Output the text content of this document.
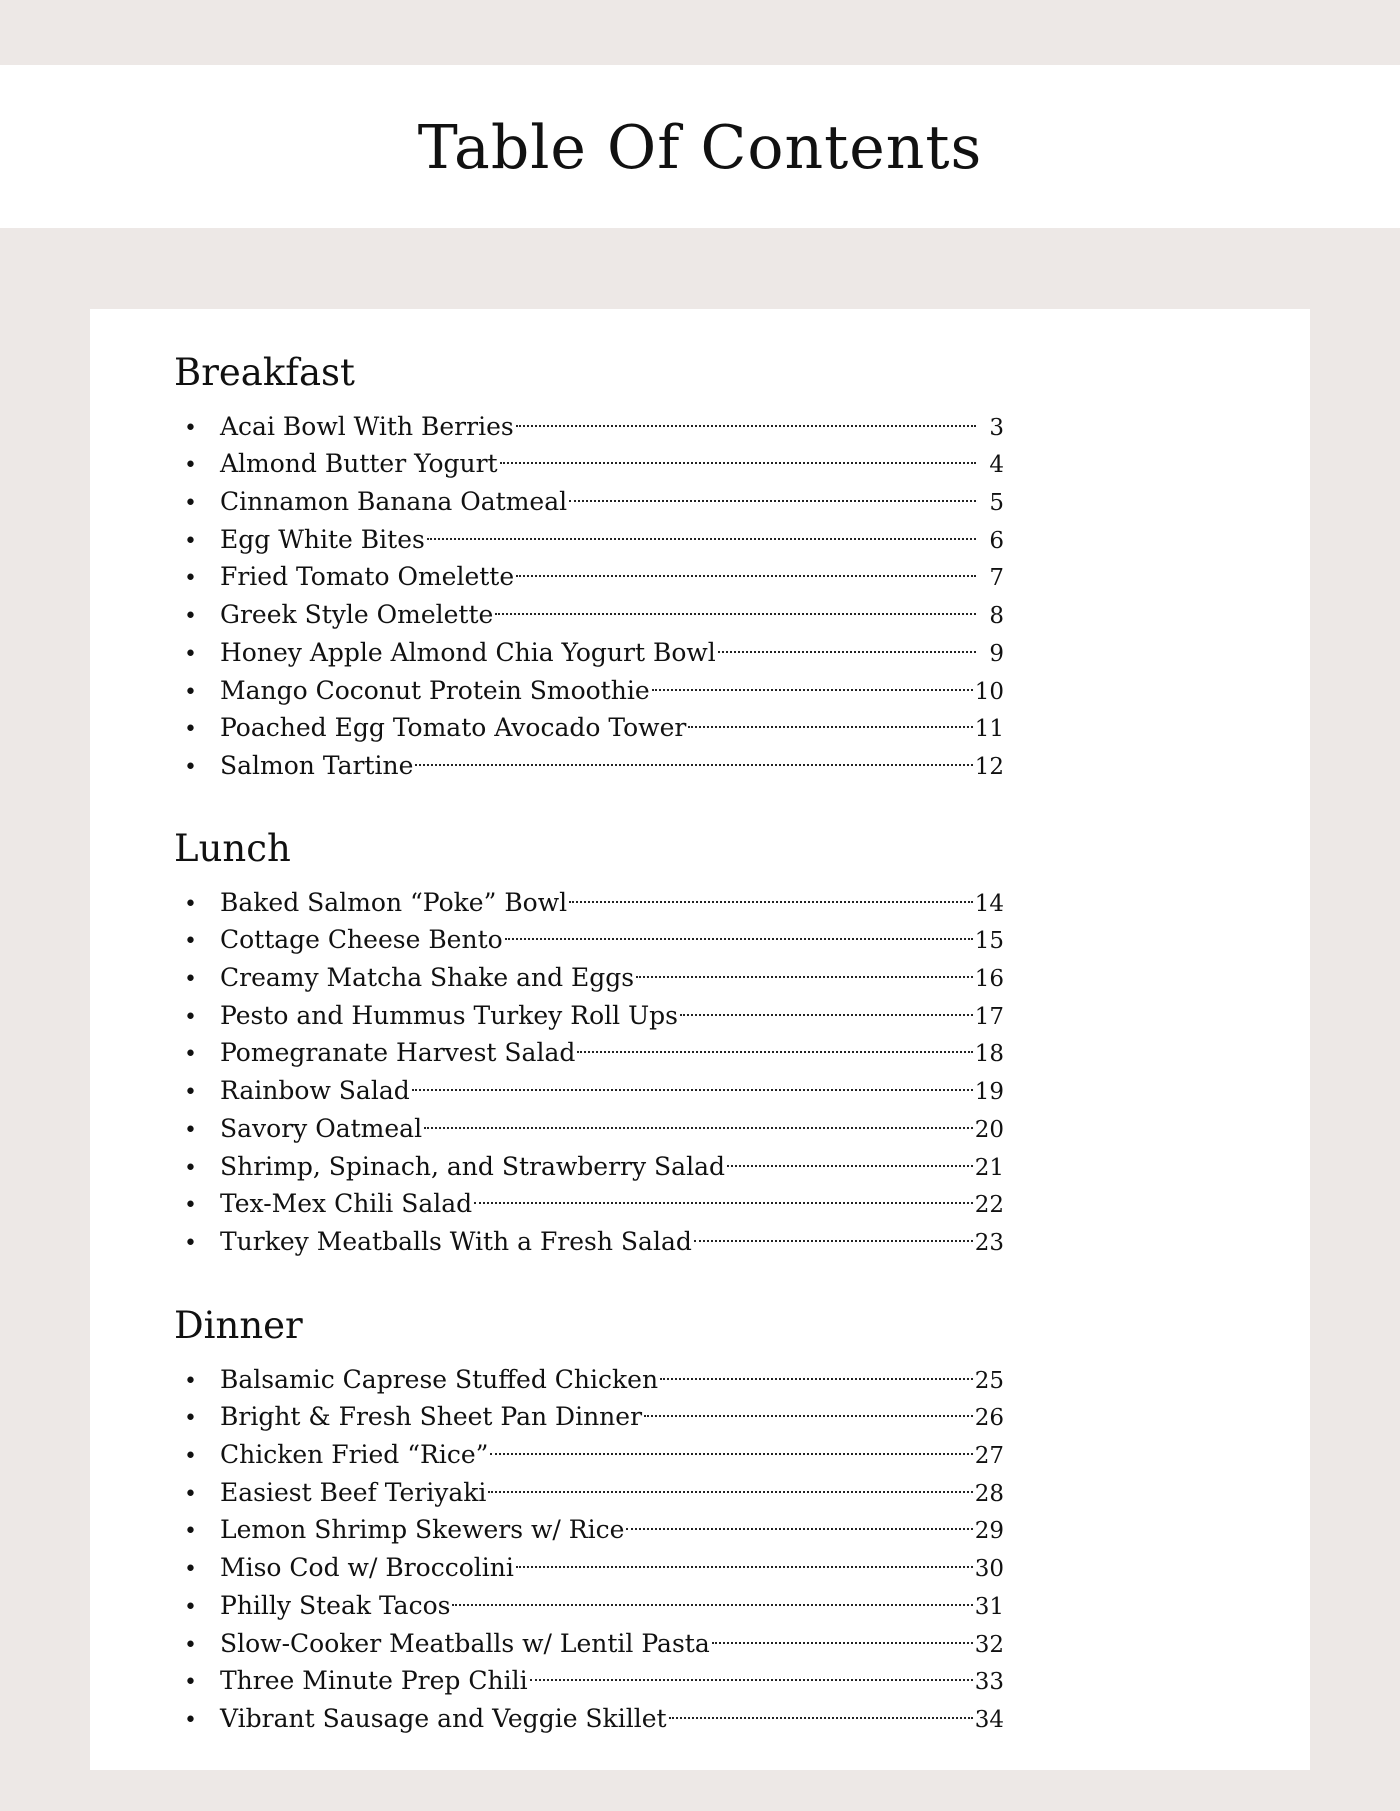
Table Of Contents
Breakfast
• Acai Bowl With Berries	3
• Almond Butter Yogurt	4
• Cinnamon Banana Oatmeal	5
• Egg White Bites	6
• Fried Tomato Omelette	7
• Greek Style Omelette	8
• Honey Apple Almond Chia Yogurt Bowl	9
• Mango Coconut Protein Smoothie	10
• Poached Egg Tomato Avocado Tower	11
• Salmon Tartine	12
Lunch
• Baked Salmon “Poke” Bowl	14
• Cottage Cheese Bento	15
• Creamy Matcha Shake and Eggs	16
• Pesto and Hummus Turkey Roll Ups	17
• Pomegranate Harvest Salad	18
• Rainbow Salad	19
• Savory Oatmeal	20
• Shrimp, Spinach, and Strawberry Salad	21
• Tex-Mex Chili Salad	22
• Turkey Meatballs With a Fresh Salad	23
Dinner
• Balsamic Caprese Stuffed Chicken	25
• Bright & Fresh Sheet Pan Dinner	26
• Chicken Fried “Rice”	27
• Easiest Beef Teriyaki	28
• Lemon Shrimp Skewers w/ Rice	29
• Miso Cod w/ Broccolini	30
• Philly Steak Tacos	31
• Slow-Cooker Meatballs w/ Lentil Pasta	32
• Three Minute Prep Chili	33
• Vibrant Sausage and Veggie Skillet	34
